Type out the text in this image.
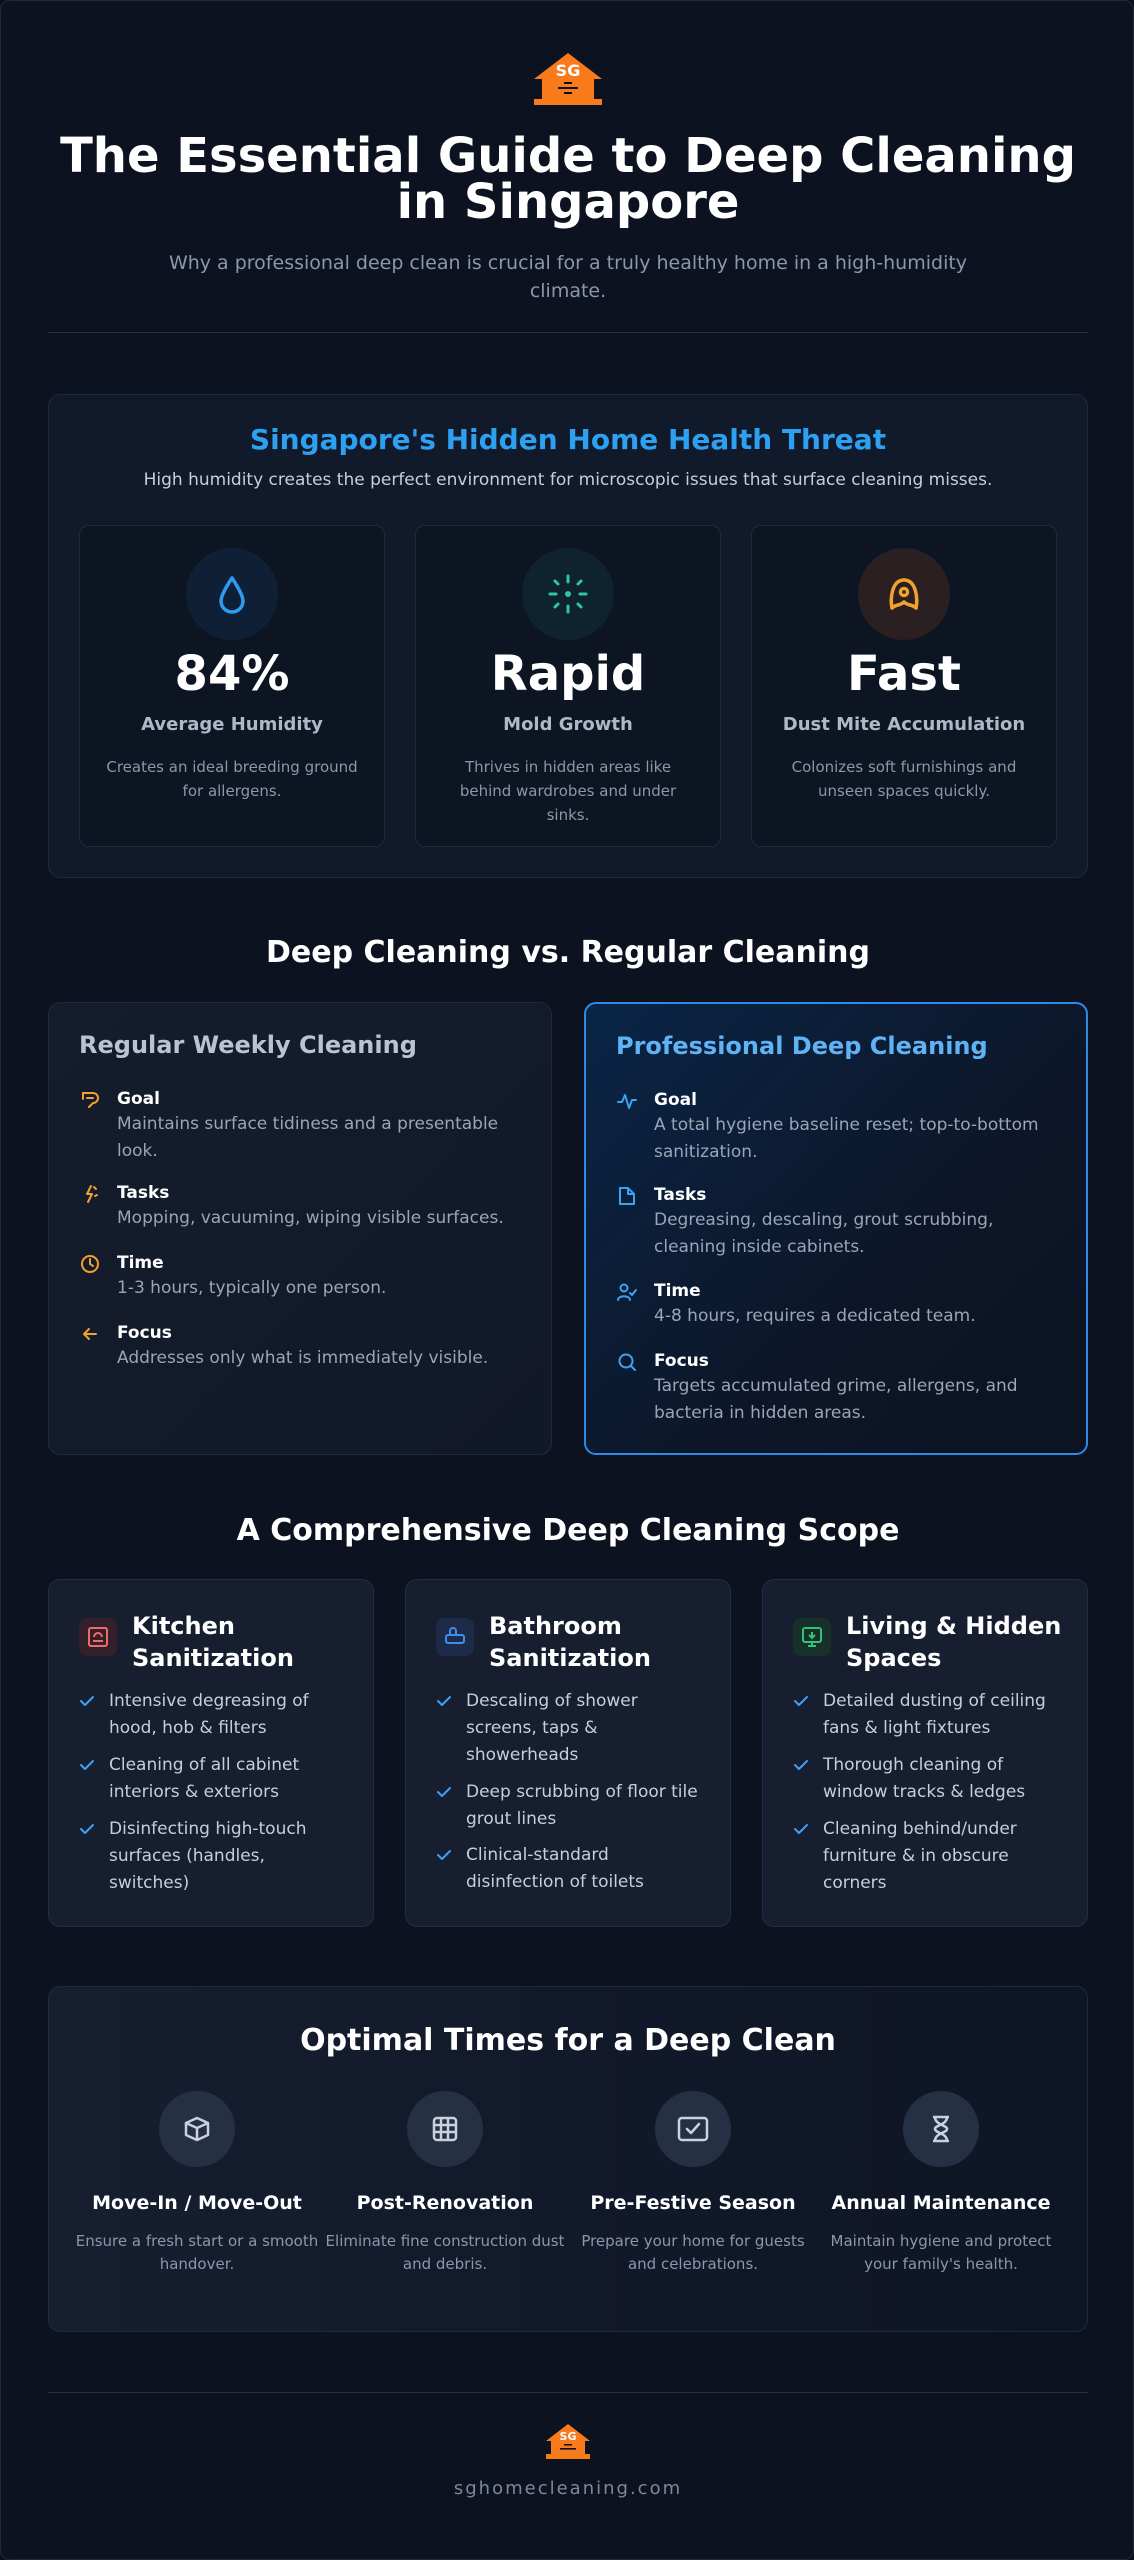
SG
The Essential Guide to Deep Cleaning in Singapore

Why a professional deep clean is crucial for a truly healthy home in a high-humidity climate.

Singapore's Hidden Home Health Threat
High humidity creates the perfect environment for microscopic issues that surface cleaning misses.
84%
Average Humidity
Creates an ideal breeding ground for allergens.
Rapid
Mold Growth
Thrives in hidden areas like behind wardrobes and under sinks.
Fast
Dust Mite Accumulation
Colonizes soft furnishings and unseen spaces quickly.
Deep Cleaning vs. Regular Cleaning
Regular Weekly Cleaning
Goal
Maintains surface tidiness and a presentable look.
Tasks
Mopping, vacuuming, wiping visible surfaces.
Time
1-3 hours, typically one person.
Focus
Addresses only what is immediately visible.
Professional Deep Cleaning
Goal
A total hygiene baseline reset; top-to-bottom sanitization.
Tasks
Degreasing, descaling, grout scrubbing, cleaning inside cabinets.
Time
4-8 hours, requires a dedicated team.
Focus
Targets accumulated grime, allergens, and bacteria in hidden areas.
A Comprehensive Deep Cleaning Scope
Kitchen Sanitization
Intensive degreasing of hood, hob & filters
Cleaning of all cabinet interiors & exteriors
Disinfecting high-touch surfaces (handles, switches)
Bathroom Sanitization
Descaling of shower screens, taps & showerheads
Deep scrubbing of floor tile grout lines
Clinical-standard disinfection of toilets
Living & Hidden Spaces
Detailed dusting of ceiling fans & light fixtures
Thorough cleaning of window tracks & ledges
Cleaning behind/under furniture & in obscure corners
Optimal Times for a Deep Clean
Move-In / Move-Out
Ensure a fresh start or a smooth handover.
Post-Renovation
Eliminate fine construction dust and debris.
Pre-Festive Season
Prepare your home for guests and celebrations.
Annual Maintenance
Maintain hygiene and protect your family's health.
SG
sghomecleaning.com
